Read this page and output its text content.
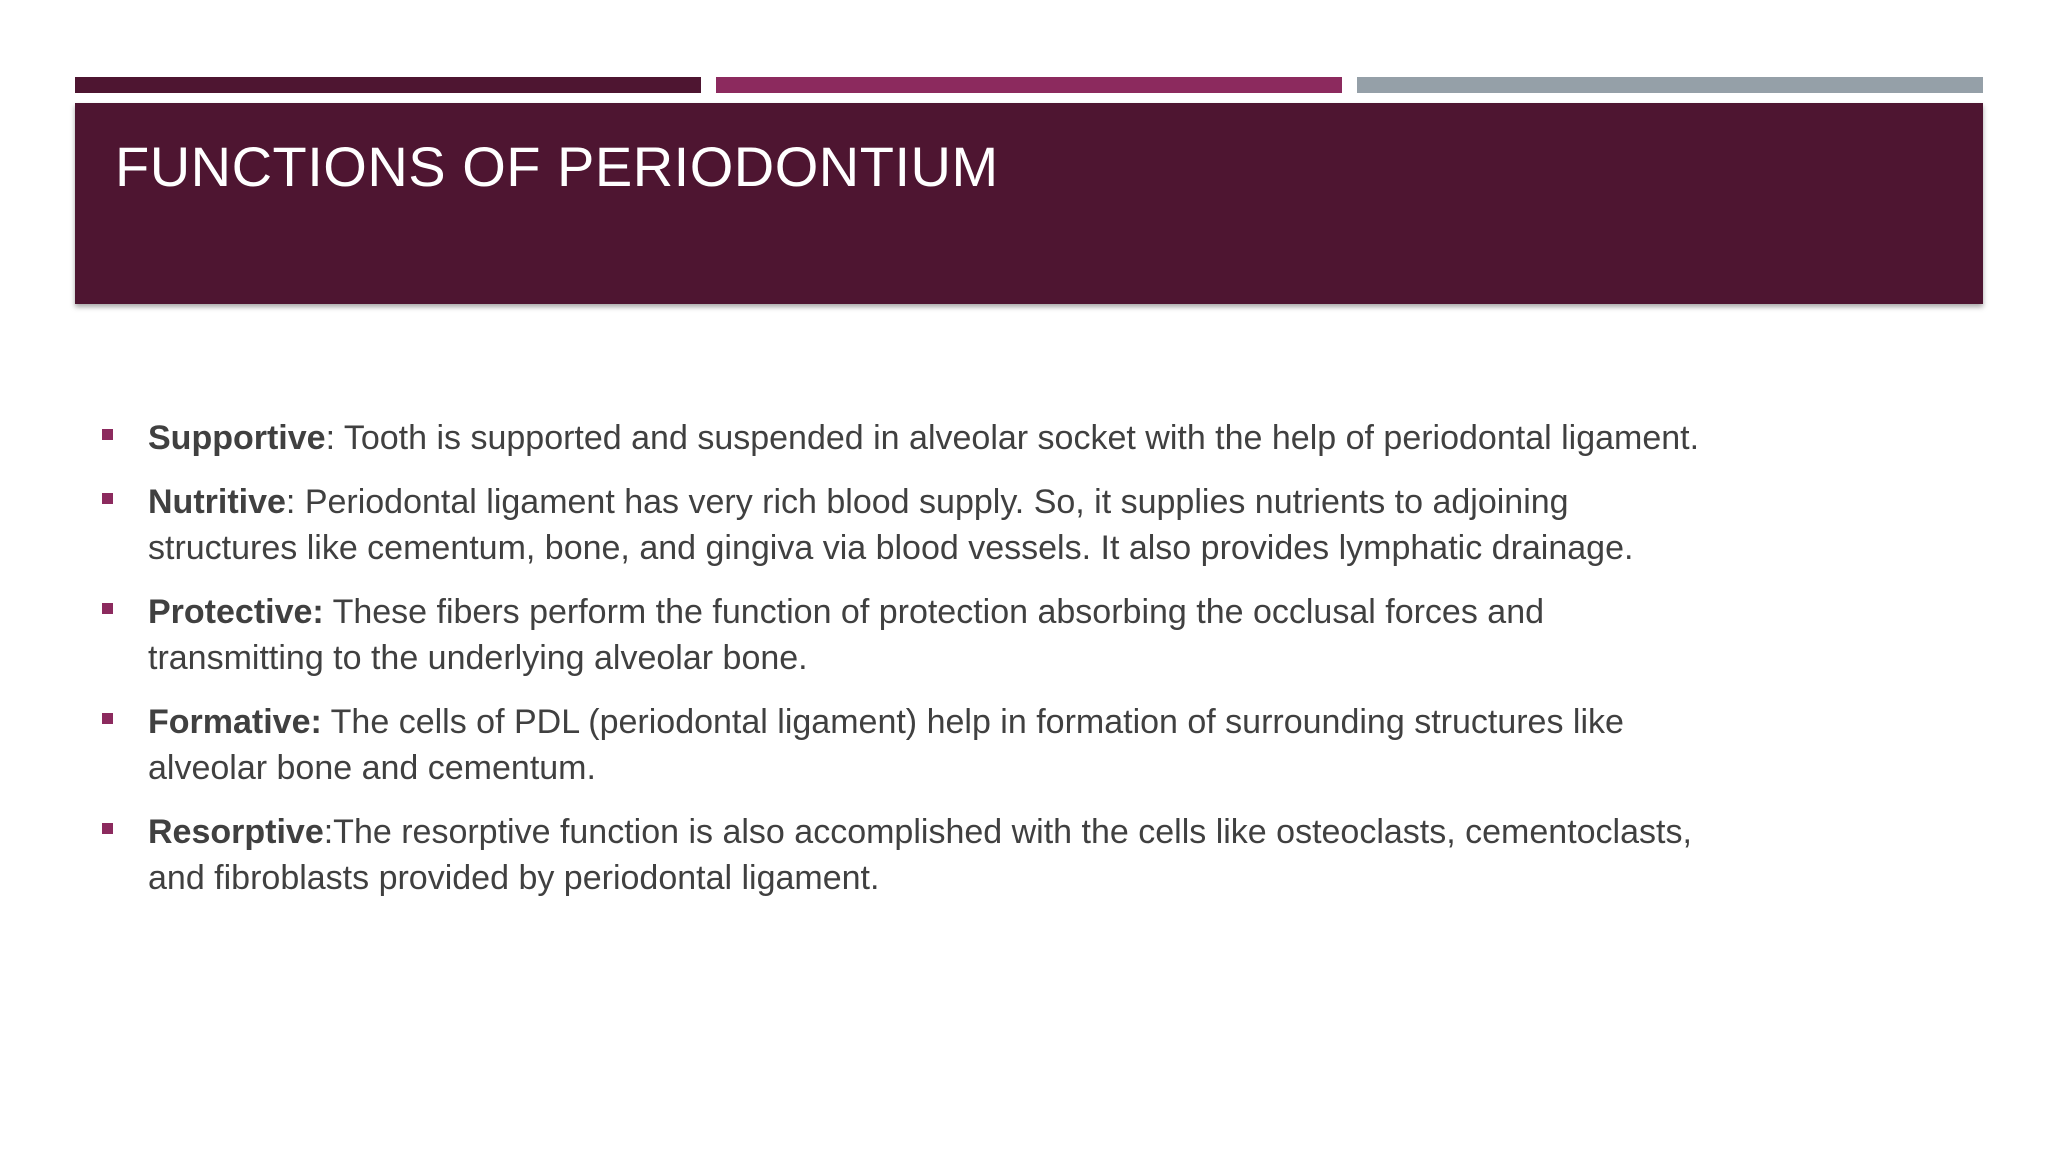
FUNCTIONS OF PERIODONTIUM
Supportive: Tooth is supported and suspended in alveolar socket with the help of periodontal ligament.
Nutritive: Periodontal ligament has very rich blood supply. So, it supplies nutrients to adjoining structures like cementum, bone, and gingiva via blood vessels. It also provides lymphatic drainage.
Protective: These fibers perform the function of protection absorbing the occlusal forces and transmitting to the underlying alveolar bone.
Formative: The cells of PDL (periodontal ligament) help in formation of surrounding structures like alveolar bone and cementum.
Resorptive:The resorptive function is also accomplished with the cells like osteoclasts, cementoclasts, and fibroblasts provided by periodontal ligament.
